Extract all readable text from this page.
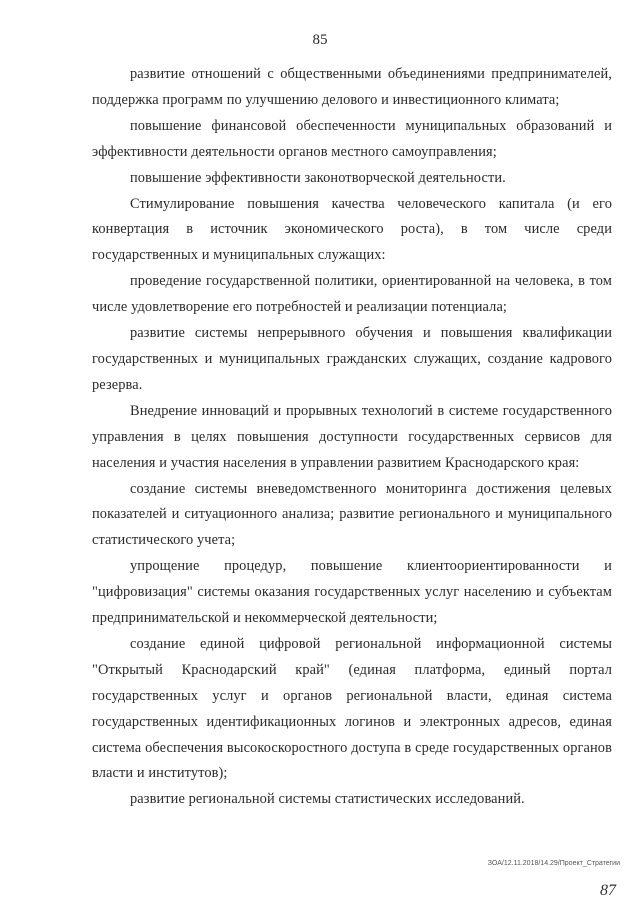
85

развитие отношений с общественными объединениями предпринимателей, поддержка программ по улучшению делового и инвестиционного климата;

повышение финансовой обеспеченности муниципальных образований и эффективности деятельности органов местного самоуправления;

повышение эффективности законотворческой деятельности.

Стимулирование повышения качества человеческого капитала (и его конвертация в источник экономического роста), в том числе среди государственных и муниципальных служащих:

проведение государственной политики, ориентированной на человека, в том числе удовлетворение его потребностей и реализации потенциала;

развитие системы непрерывного обучения и повышения квалификации государственных и муниципальных гражданских служащих, создание кадрового резерва.

Внедрение инноваций и прорывных технологий в системе государственного управления в целях повышения доступности государственных сервисов для населения и участия населения в управлении развитием Краснодарского края:

создание системы вневедомственного мониторинга достижения целевых показателей и ситуационного анализа; развитие регионального и муниципального статистического учета;

упрощение процедур, повышение клиентоориентированности и "цифровизация" системы оказания государственных услуг населению и субъектам предпринимательской и некоммерческой деятельности;

создание единой цифровой региональной информационной системы "Открытый Краснодарский край" (единая платформа, единый портал государственных услуг и органов региональной власти, единая система государственных идентификационных логинов и электронных адресов, единая система обеспечения высокоскоростного доступа в среде государственных органов власти и институтов);

развитие региональной системы статистических исследований.

ЗОА/12.11.2018/14.29/Проект_Стратегии
87
